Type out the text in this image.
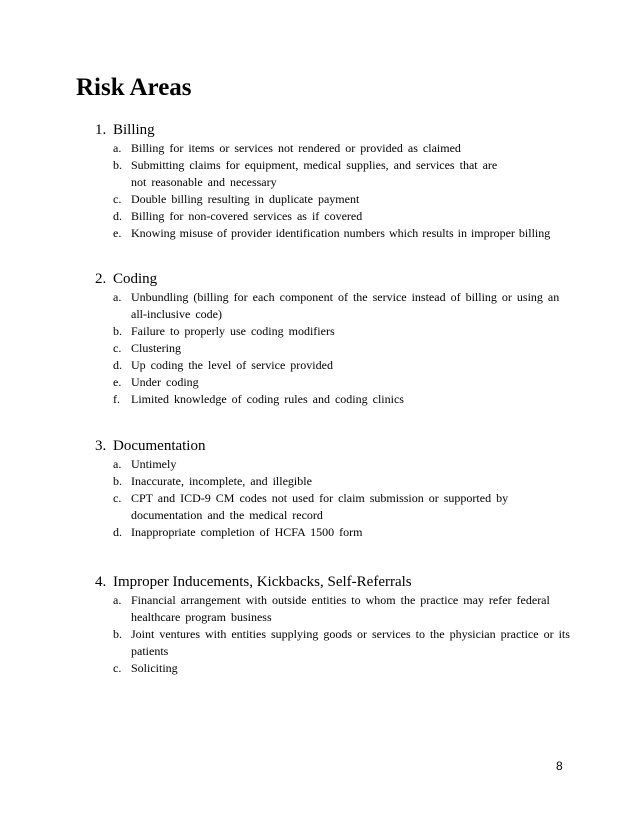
Risk Areas
1. Billing
a. Billing for items or services not rendered or provided as claimed
b. Submitting claims for equipment, medical supplies, and services that are not reasonable and necessary
c. Double billing resulting in duplicate payment
d. Billing for non-covered services as if covered
e. Knowing misuse of provider identification numbers which results in improper billing
2. Coding
a. Unbundling (billing for each component of the service instead of billing or using an all-inclusive code)
b. Failure to properly use coding modifiers
c. Clustering
d. Up coding the level of service provided
e. Under coding
f. Limited knowledge of coding rules and coding clinics
3. Documentation
a. Untimely
b. Inaccurate, incomplete, and illegible
c. CPT and ICD-9 CM codes not used for claim submission or supported by documentation and the medical record
d. Inappropriate completion of HCFA 1500 form
4. Improper Inducements, Kickbacks, Self-Referrals
a. Financial arrangement with outside entities to whom the practice may refer federal healthcare program business
b. Joint ventures with entities supplying goods or services to the physician practice or its patients
c. Soliciting
8
